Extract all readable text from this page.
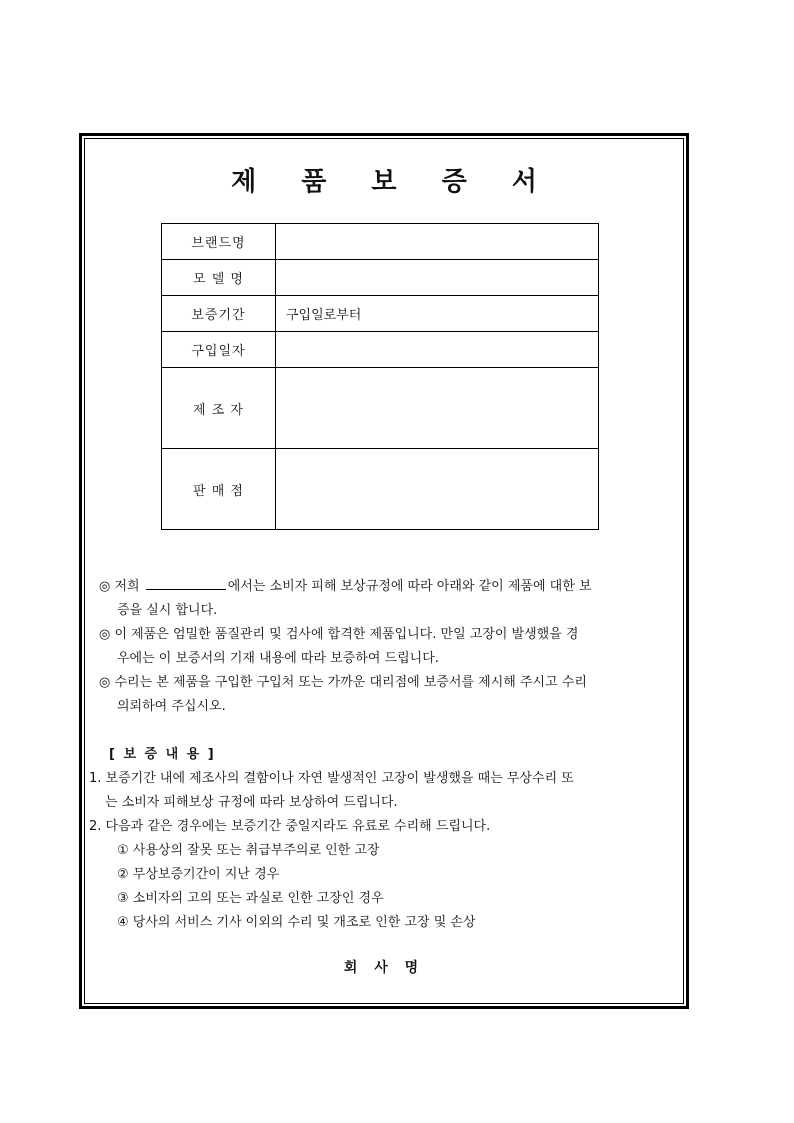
제 품 보 증 서
브랜드명	
모 델 명	
보증기간	구입일로부터
구입일자	
제 조 자	
판 매 점	

◎ 저희	에서는 소비자 피해 보상규정에 따라 아래와 같이 제품에 대한 보

증을 실시 합니다.

◎ 이 제품은 엄밀한 품질관리 및 검사에 합격한 제품입니다. 만일 고장이 발생했을 경

우에는 이 보증서의 기재 내용에 따라 보증하여 드립니다.

◎ 수리는 본 제품을 구입한 구입처 또는 가까운 대리점에 보증서를 제시해 주시고 수리

의뢰하여 주십시오.

[ 보 증 내 용 ]

1. 보증기간 내에 제조사의 결함이나 자연 발생적인 고장이 발생했을 때는 무상수리 또

는 소비자 피해보상 규정에 따라 보상하여 드립니다.

2. 다음과 같은 경우에는 보증기간 중일지라도 유료로 수리해 드립니다.

① 사용상의 잘못 또는 취급부주의로 인한 고장

② 무상보증기간이 지난 경우

③ 소비자의 고의 또는 과실로 인한 고장인 경우

④ 당사의 서비스 기사 이외의 수리 및 개조로 인한 고장 및 손상

회 사 명
